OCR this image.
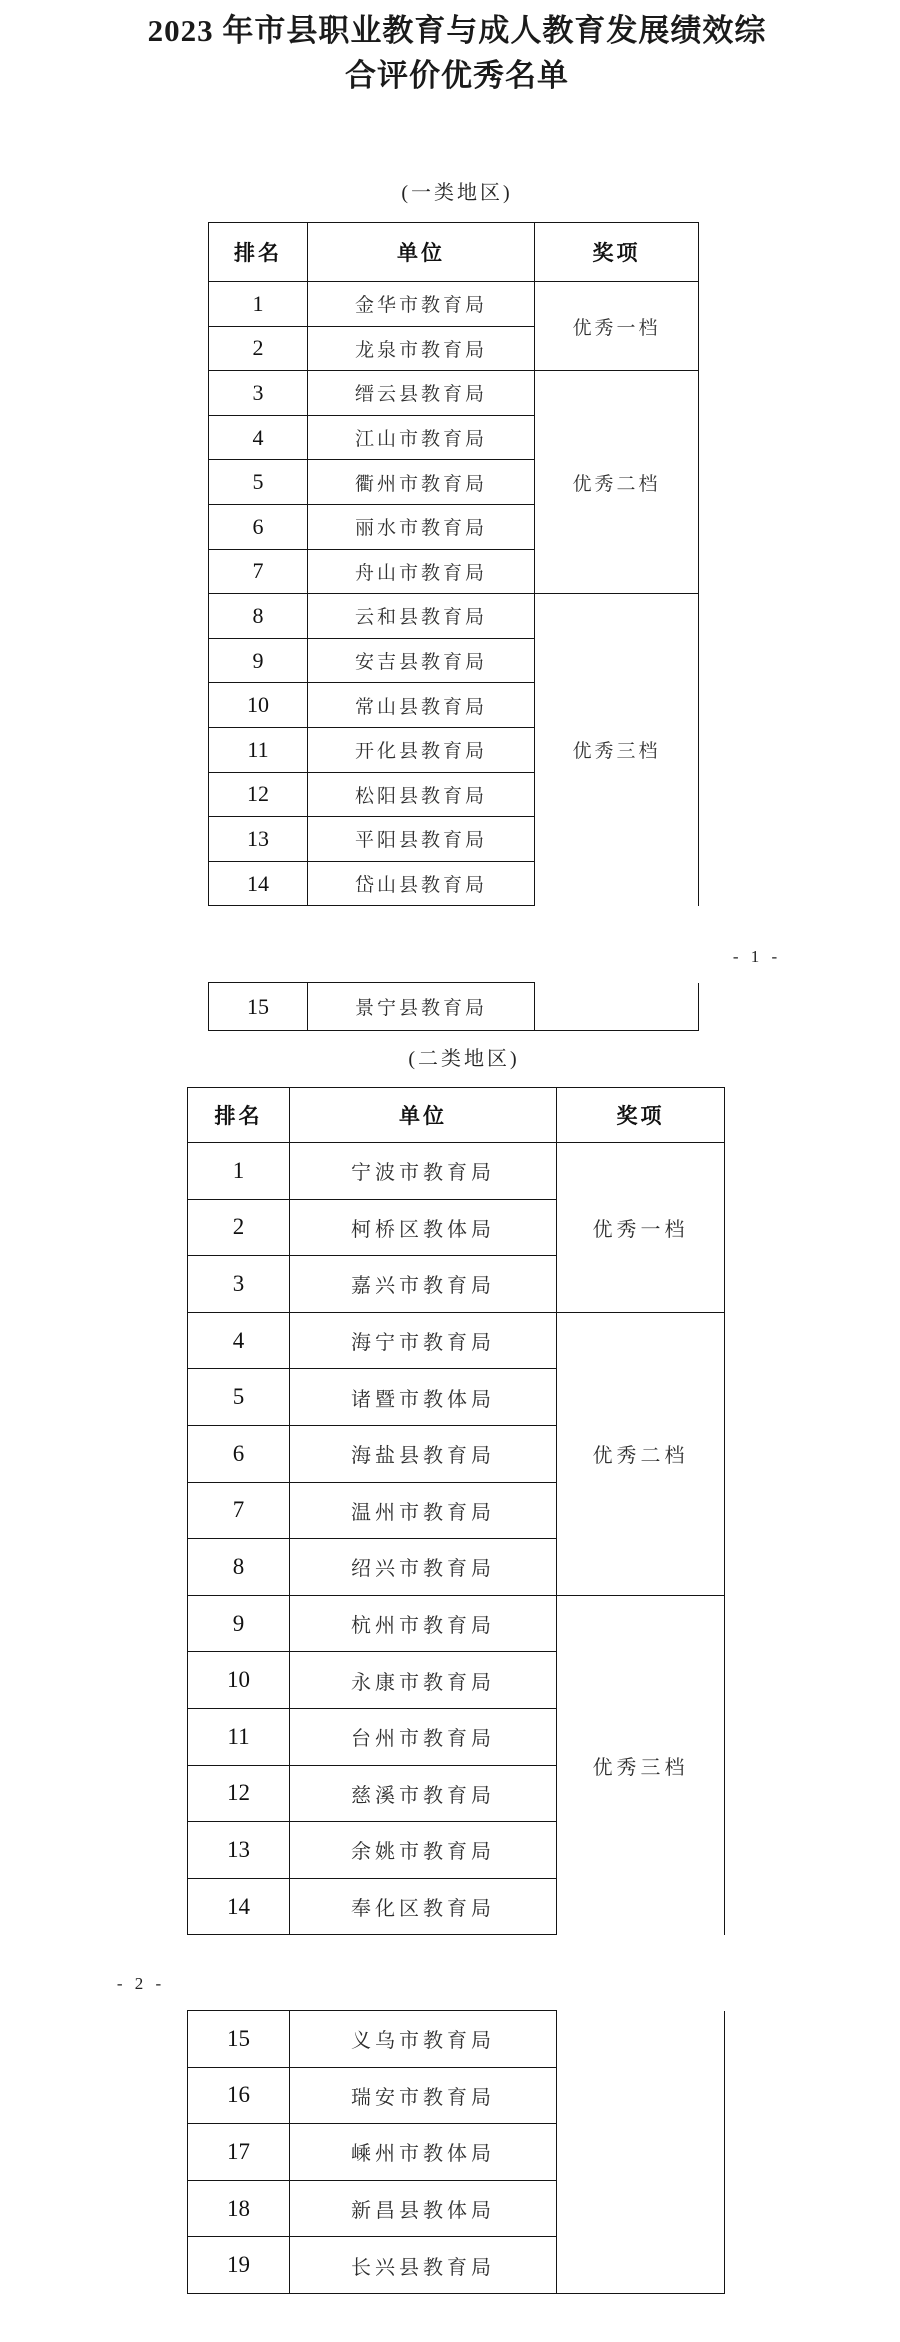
2023 年市县职业教育与成人教育发展绩效综
合评价优秀名单
(一类地区)
排名	单位	奖项
1	金华市教育局	优秀一档
2	龙泉市教育局	
3	缙云县教育局	优秀二档
4	江山市教育局	
5	衢州市教育局	
6	丽水市教育局	
7	舟山市教育局	
8	云和县教育局	优秀三档
9	安吉县教育局	
10	常山县教育局	
11	开化县教育局	
12	松阳县教育局	
13	平阳县教育局	
14	岱山县教育局	
- 1 -
15	景宁县教育局	
(二类地区)
排名	单位	奖项
1	宁波市教育局	优秀一档
2	柯桥区教体局	
3	嘉兴市教育局	
4	海宁市教育局	优秀二档
5	诸暨市教体局	
6	海盐县教育局	
7	温州市教育局	
8	绍兴市教育局	
9	杭州市教育局	优秀三档
10	永康市教育局	
11	台州市教育局	
12	慈溪市教育局	
13	余姚市教育局	
14	奉化区教育局	
- 2 -
15	义乌市教育局	
16	瑞安市教育局	
17	嵊州市教体局	
18	新昌县教体局	
19	长兴县教育局	
